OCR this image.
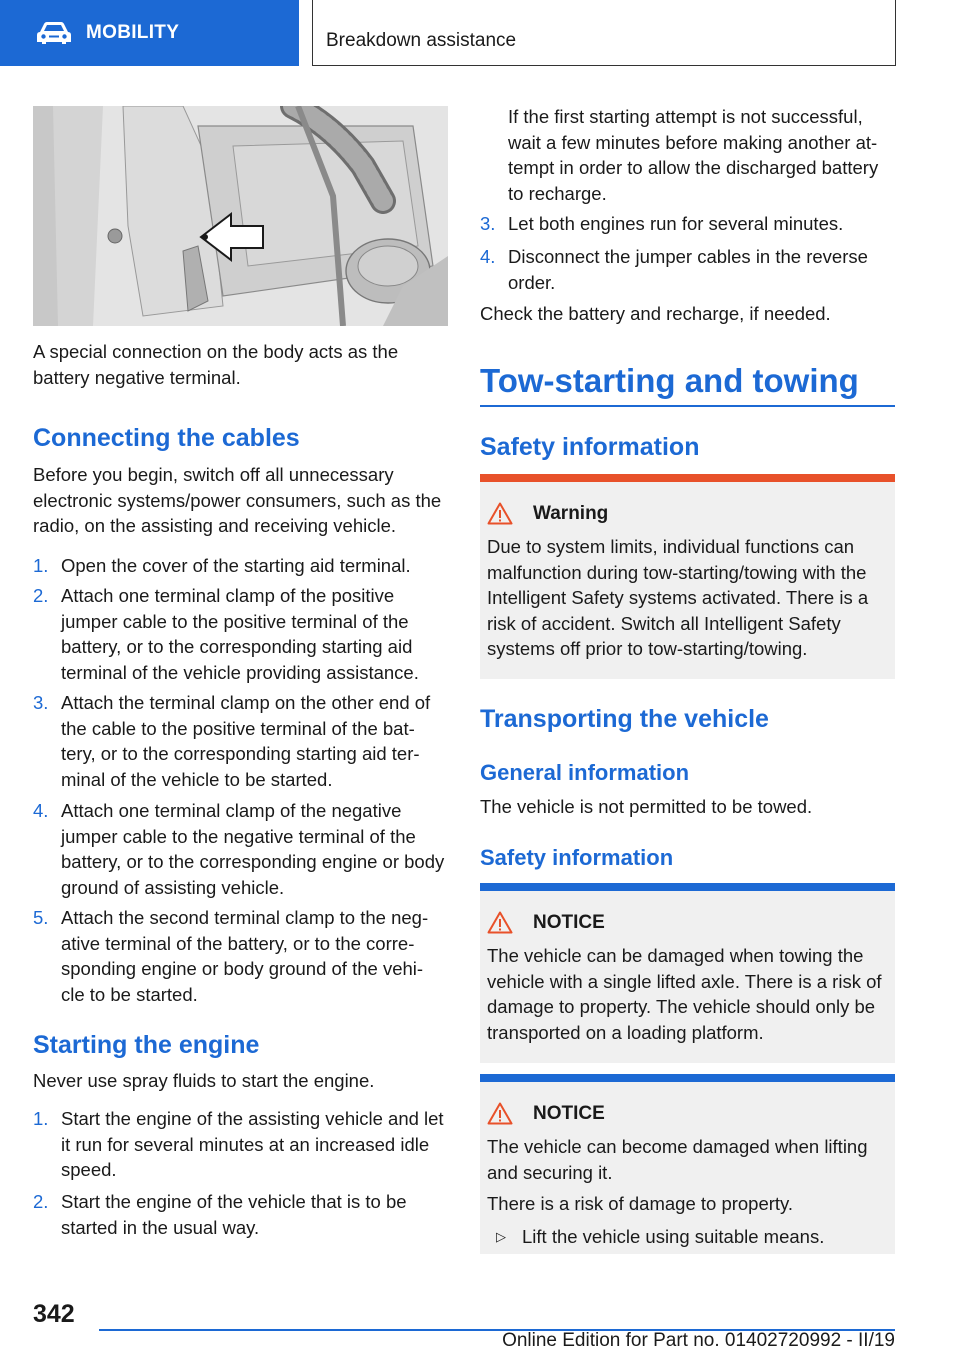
MOBILITY	Breakdown assistance

A special connection on the body acts as the battery negative terminal.

Connecting the cables

Before you begin, switch off all unnecessary electronic systems/power consumers, such as the radio, on the assisting and receiving vehicle.

1. Open the cover of the starting aid terminal.
2. Attach one terminal clamp of the positive jumper cable to the positive terminal of the battery, or to the corresponding starting aid terminal of the vehicle providing assistance.
3. Attach the terminal clamp on the other end of the cable to the positive terminal of the bat‐ tery, or to the corresponding starting aid ter‐ minal of the vehicle to be started.
4. Attach one terminal clamp of the negative jumper cable to the negative terminal of the battery, or to the corresponding engine or body ground of assisting vehicle.
5. Attach the second terminal clamp to the neg‐ ative terminal of the battery, or to the corre‐ sponding engine or body ground of the vehi‐ cle to be started.
Starting the engine

Never use spray fluids to start the engine.

1. Start the engine of the assisting vehicle and let it run for several minutes at an increased idle speed.
2. Start the engine of the vehicle that is to be started in the usual way.

If the first starting attempt is not successful, wait a few minutes before making another at‐ tempt in order to allow the discharged battery to recharge.

3. Let both engines run for several minutes.
4. Disconnect the jumper cables in the reverse order.

Check the battery and recharge, if needed.

Tow-starting and towing
Safety information
Warning

Due to system limits, individual functions can malfunction during tow-starting/towing with the Intelligent Safety systems activated. There is a risk of accident. Switch all Intelligent Safety systems off prior to tow-starting/towing.

Transporting the vehicle
General information

The vehicle is not permitted to be towed.

Safety information
NOTICE

The vehicle can be damaged when towing the vehicle with a single lifted axle. There is a risk of damage to property. The vehicle should only be transported on a loading platform.

NOTICE

The vehicle can become damaged when lifting and securing it.

There is a risk of damage to property.

▷ Lift the vehicle using suitable means.
342
Online Edition for Part no. 01402720992 - II/19
